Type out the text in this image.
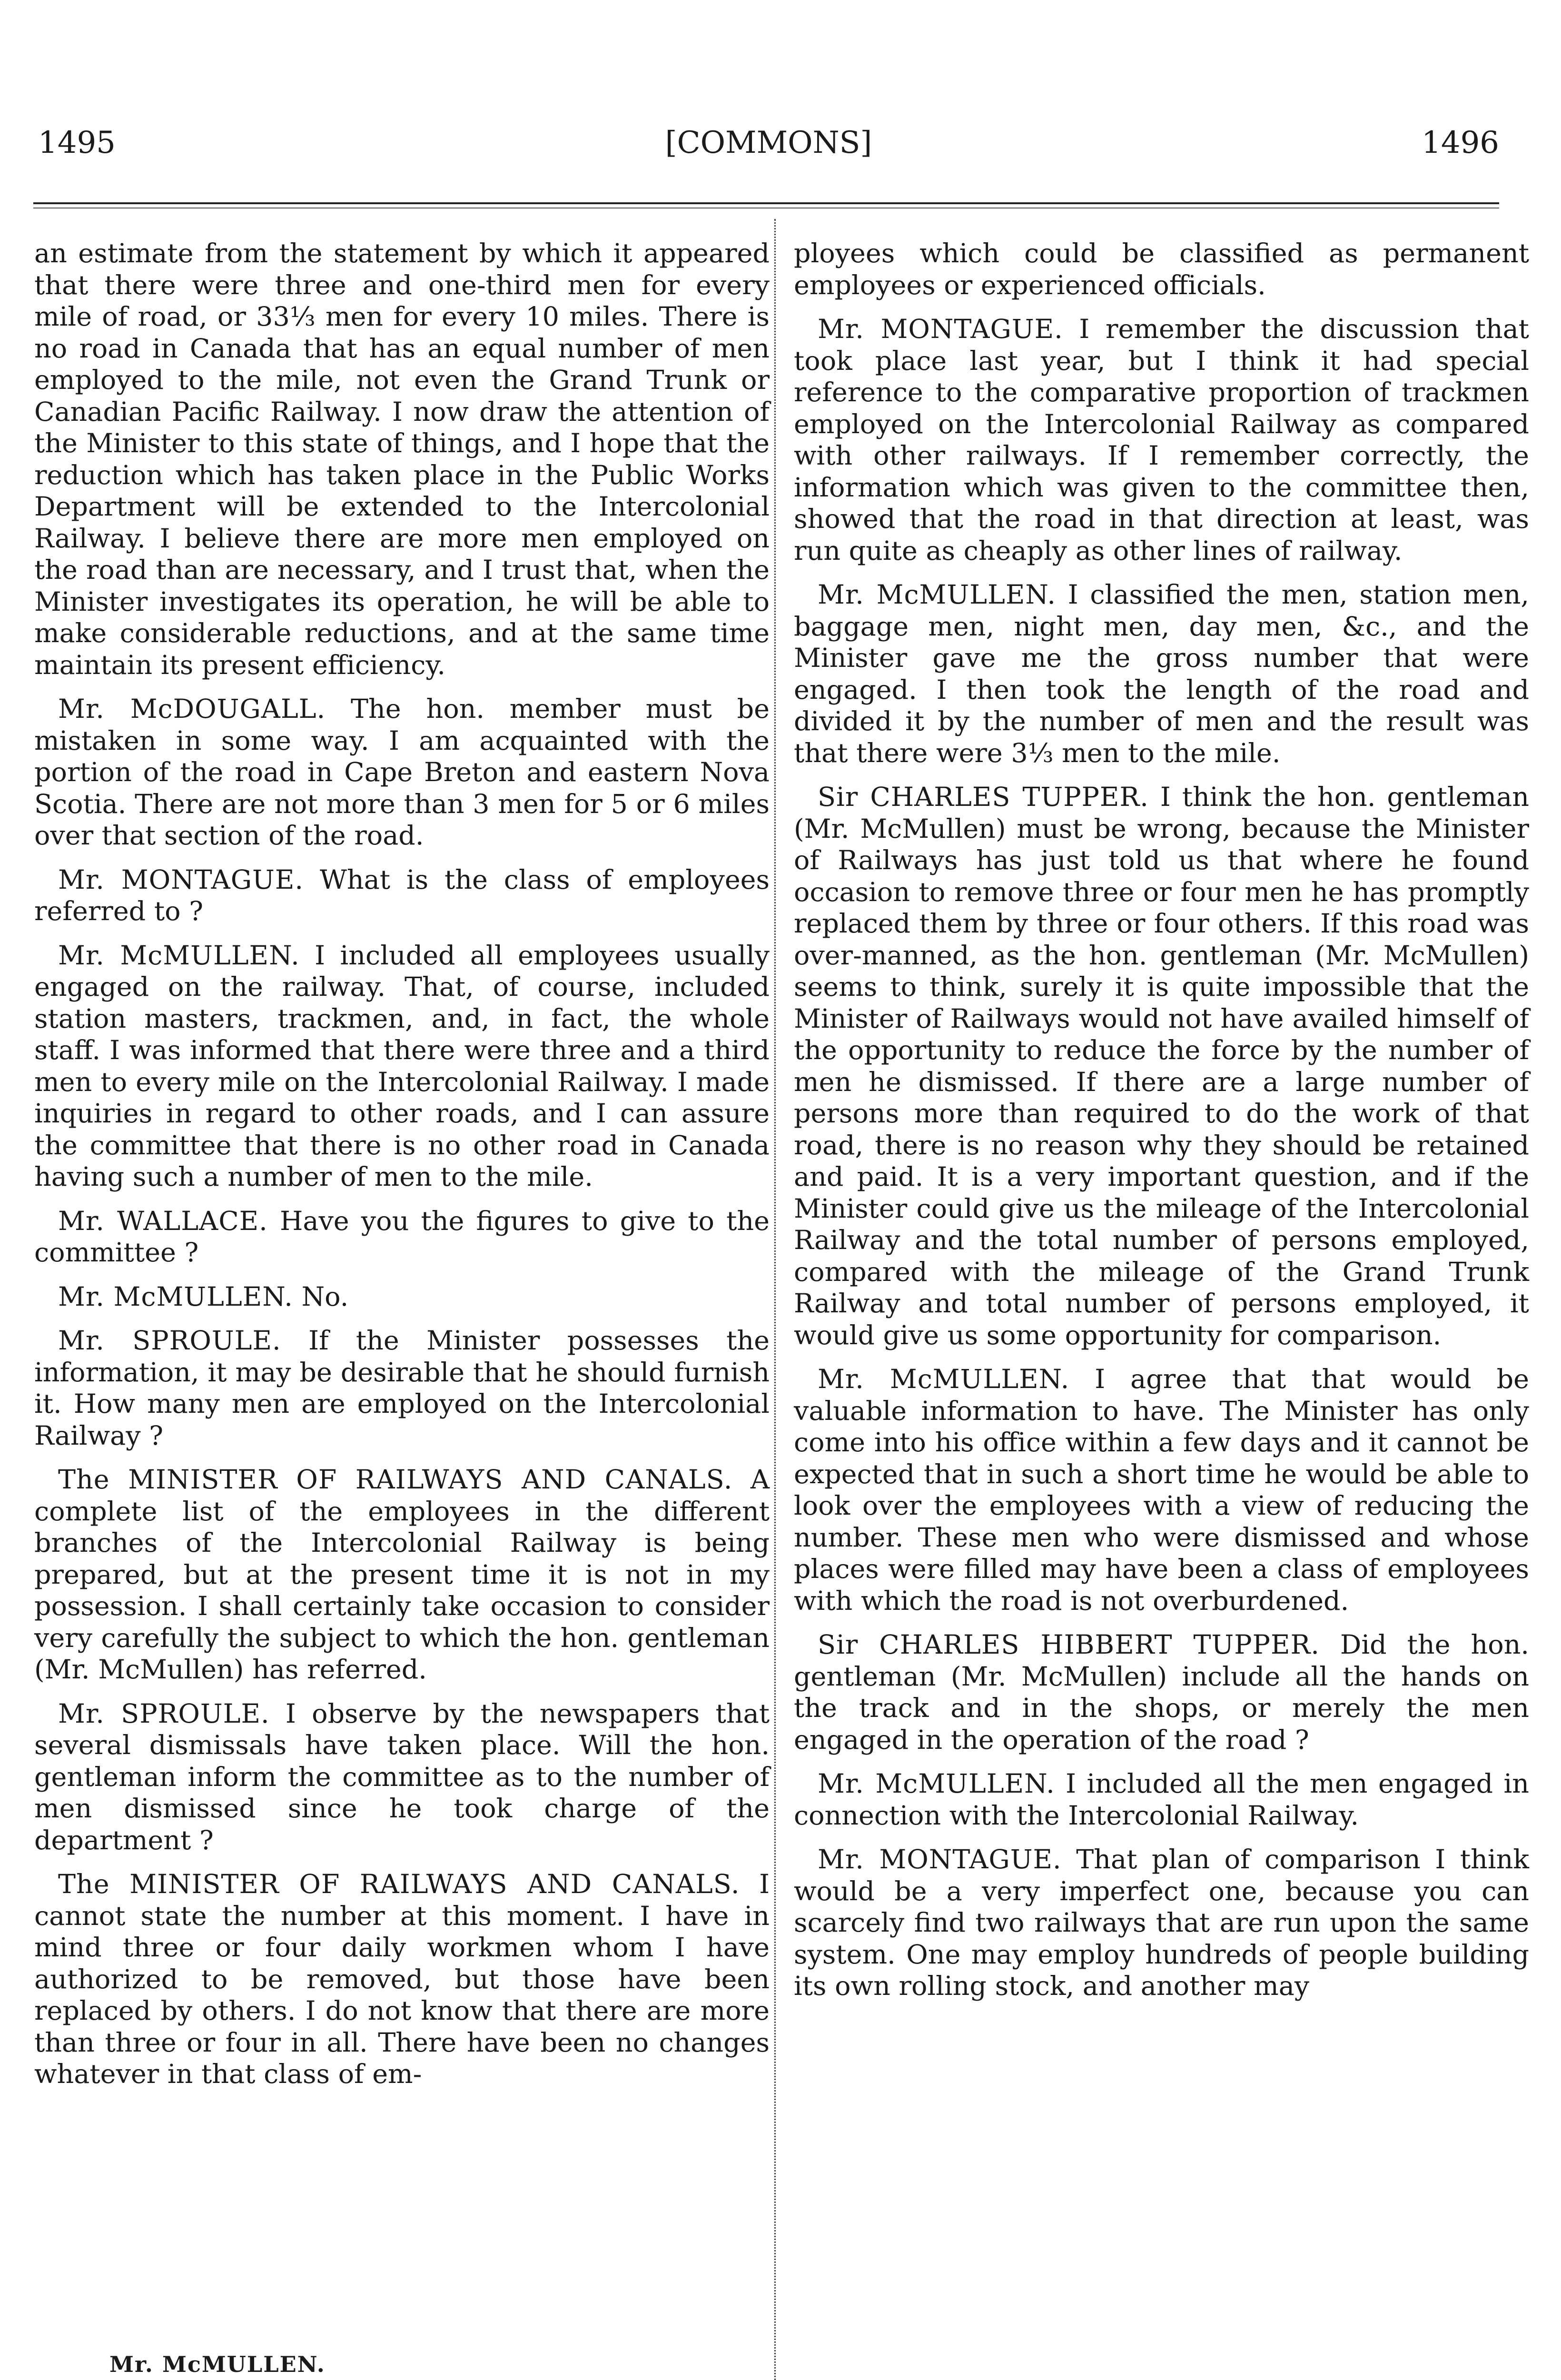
1495	[COMMONS]	1496

an estimate from the statement by which it appeared that there were three and one-third men for every mile of road, or 33⅓ men for every 10 miles. There is no road in Canada that has an equal number of men employed to the mile, not even the Grand Trunk or Canadian Pacific Railway. I now draw the attention of the Minister to this state of things, and I hope that the reduction which has taken place in the Public Works Department will be extended to the Intercolonial Railway. I believe there are more men employed on the road than are necessary, and I trust that, when the Minister investigates its operation, he will be able to make considerable reductions, and at the same time maintain its present efficiency.

Mr. McDOUGALL. The hon. member must be mistaken in some way. I am acquainted with the portion of the road in Cape Breton and eastern Nova Scotia. There are not more than 3 men for 5 or 6 miles over that section of the road.

Mr. MONTAGUE. What is the class of employees referred to ?

Mr. McMULLEN. I included all employees usually engaged on the railway. That, of course, included station masters, trackmen, and, in fact, the whole staff. I was informed that there were three and a third men to every mile on the Intercolonial Railway. I made inquiries in regard to other roads, and I can assure the committee that there is no other road in Canada having such a number of men to the mile.

Mr. WALLACE. Have you the figures to give to the committee ?

Mr. McMULLEN. No.

Mr. SPROULE. If the Minister possesses the information, it may be desirable that he should furnish it. How many men are employed on the Intercolonial Railway ?

The MINISTER OF RAILWAYS AND CANALS. A complete list of the employees in the different branches of the Intercolonial Railway is being prepared, but at the present time it is not in my possession. I shall certainly take occasion to consider very carefully the subject to which the hon. gentleman (Mr. McMullen) has referred.

Mr. SPROULE. I observe by the newspapers that several dismissals have taken place. Will the hon. gentleman inform the committee as to the number of men dismissed since he took charge of the department ?

The MINISTER OF RAILWAYS AND CANALS. I cannot state the number at this moment. I have in mind three or four daily workmen whom I have authorized to be removed, but those have been replaced by others. I do not know that there are more than three or four in all. There have been no changes whatever in that class of em-

ployees which could be classified as permanent employees or experienced officials.

Mr. MONTAGUE. I remember the discussion that took place last year, but I think it had special reference to the comparative proportion of trackmen employed on the Intercolonial Railway as compared with other railways. If I remember correctly, the information which was given to the committee then, showed that the road in that direction at least, was run quite as cheaply as other lines of railway.

Mr. McMULLEN. I classified the men, station men, baggage men, night men, day men, &c., and the Minister gave me the gross number that were engaged. I then took the length of the road and divided it by the number of men and the result was that there were 3⅓ men to the mile.

Sir CHARLES TUPPER. I think the hon. gentleman (Mr. McMullen) must be wrong, because the Minister of Railways has just told us that where he found occasion to remove three or four men he has promptly replaced them by three or four others. If this road was over-manned, as the hon. gentleman (Mr. McMullen) seems to think, surely it is quite impossible that the Minister of Railways would not have availed himself of the opportunity to reduce the force by the number of men he dismissed. If there are a large number of persons more than required to do the work of that road, there is no reason why they should be retained and paid. It is a very important question, and if the Minister could give us the mileage of the Intercolonial Railway and the total number of persons employed, compared with the mileage of the Grand Trunk Railway and total number of persons employed, it would give us some opportunity for comparison.

Mr. McMULLEN. I agree that that would be valuable information to have. The Minister has only come into his office within a few days and it cannot be expected that in such a short time he would be able to look over the employees with a view of reducing the number. These men who were dismissed and whose places were filled may have been a class of employees with which the road is not overburdened.

Sir CHARLES HIBBERT TUPPER. Did the hon. gentleman (Mr. McMullen) include all the hands on the track and in the shops, or merely the men engaged in the operation of the road ?

Mr. McMULLEN. I included all the men engaged in connection with the Intercolonial Railway.

Mr. MONTAGUE. That plan of comparison I think would be a very imperfect one, because you can scarcely find two railways that are run upon the same system. One may employ hundreds of people building its own rolling stock, and another may

Mr. McMULLEN.
